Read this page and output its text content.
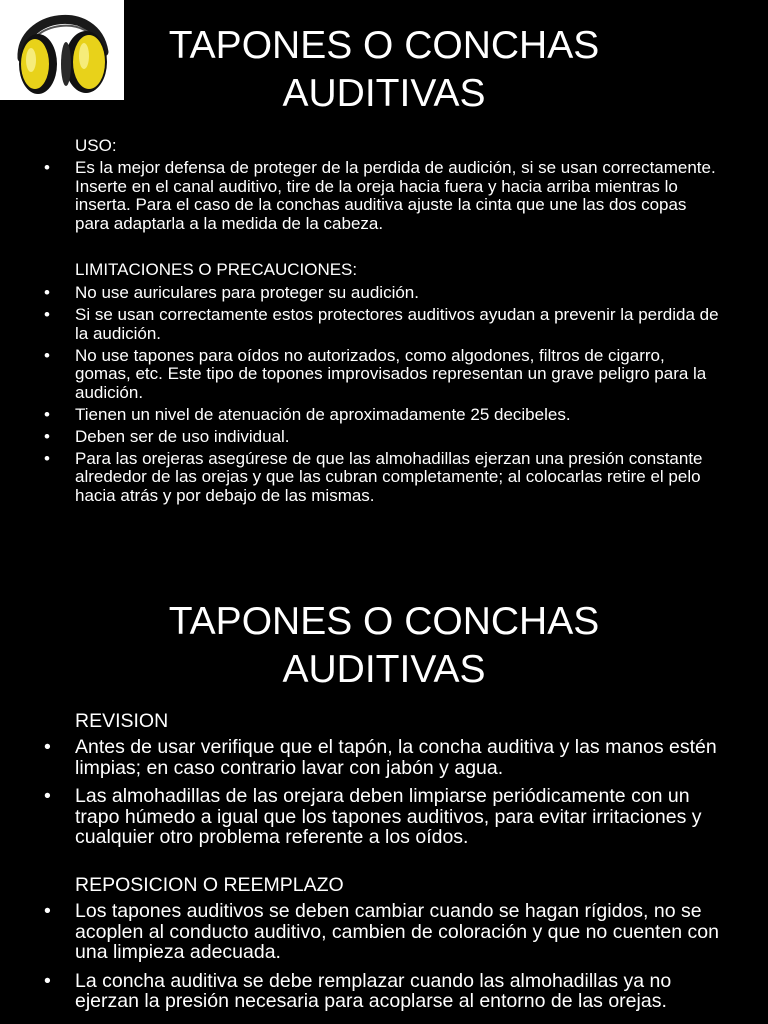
TAPONES O CONCHAS
AUDITIVAS

USO:

• Es la mejor defensa de proteger de la perdida de audición, si se usan correctamente. Inserte en el canal auditivo, tire de la oreja hacia fuera y hacia arriba mientras lo inserta. Para el caso de la conchas auditiva ajuste la cinta que une las dos copas para adaptarla a la medida de la cabeza.

LIMITACIONES O PRECAUCIONES:

• No use auriculares para proteger su audición.
• Si se usan correctamente estos protectores auditivos ayudan a prevenir la perdida de la audición.
• No use tapones para oídos no autorizados, como algodones, filtros de cigarro, gomas, etc. Este tipo de topones improvisados representan un grave peligro para la audición.
• Tienen un nivel de atenuación de aproximadamente 25 decibeles.
• Deben ser de uso individual.
• Para las orejeras asegúrese de que las almohadillas ejerzan una presión constante alrededor de las orejas y que las cubran completamente; al colocarlas retire el pelo hacia atrás y por debajo de las mismas.
TAPONES O CONCHAS
AUDITIVAS

REVISION

• Antes de usar verifique que el tapón, la concha auditiva y las manos estén limpias; en caso contrario lavar con jabón y agua.
• Las almohadillas de las orejara deben limpiarse periódicamente con un trapo húmedo a igual que los tapones auditivos, para evitar irritaciones y cualquier otro problema referente a los oídos.

REPOSICION O REEMPLAZO

• Los tapones auditivos se deben cambiar cuando se hagan rígidos, no se acoplen al conducto auditivo, cambien de coloración y que no cuenten con una limpieza adecuada.
• La concha auditiva se debe remplazar cuando las almohadillas ya no ejerzan la presión necesaria para acoplarse al entorno de las orejas.
